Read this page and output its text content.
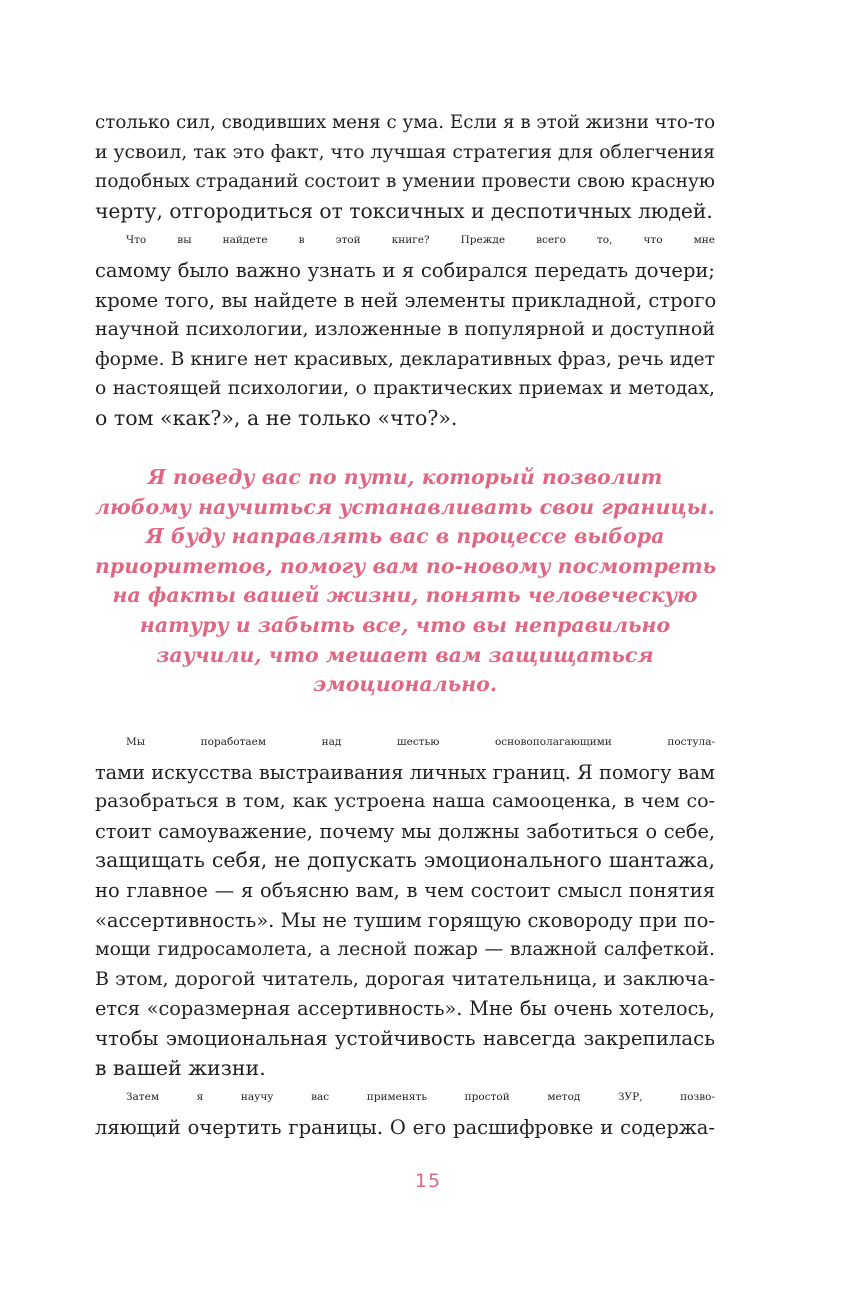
столько сил, сводивших меня с ума. Если я в этой жизни что-то
и усвоил, так это факт, что лучшая стратегия для облегчения
подобных страданий состоит в умении провести свою красную
черту, отгородиться от токсичных и деспотичных людей.
Что вы найдете в этой книге? Прежде всего то, что мне
самому было важно узнать и я собирался передать дочери;
кроме того, вы найдете в ней элементы прикладной, строго
научной психологии, изложенные в популярной и доступной
форме. В книге нет красивых, декларативных фраз, речь идет
о настоящей психологии, о практических приемах и методах,
о том «как?», а не только «что?».
Я поведу вас по пути, который позволит
любому научиться устанавливать свои границы.
Я буду направлять вас в процессе выбора
приоритетов, помогу вам по-новому посмотреть
на факты вашей жизни, понять человеческую
натуру и забыть все, что вы неправильно
заучили, что мешает вам защищаться
эмоционально.
Мы поработаем над шестью основополагающими постула-
тами искусства выстраивания личных границ. Я помогу вам
разобраться в том, как устроена наша самооценка, в чем со-
стоит самоуважение, почему мы должны заботиться о себе,
защищать себя, не допускать эмоционального шантажа,
но главное — я объясню вам, в чем состоит смысл понятия
«ассертивность». Мы не тушим горящую сковороду при по-
мощи гидросамолета, а лесной пожар — влажной салфеткой.
В этом, дорогой читатель, дорогая читательница, и заключа-
ется «соразмерная ассертивность». Мне бы очень хотелось,
чтобы эмоциональная устойчивость навсегда закрепилась
в вашей жизни.
Затем я научу вас применять простой метод ЗУР, позво-
ляющий очертить границы. О его расшифровке и содержа-
15
